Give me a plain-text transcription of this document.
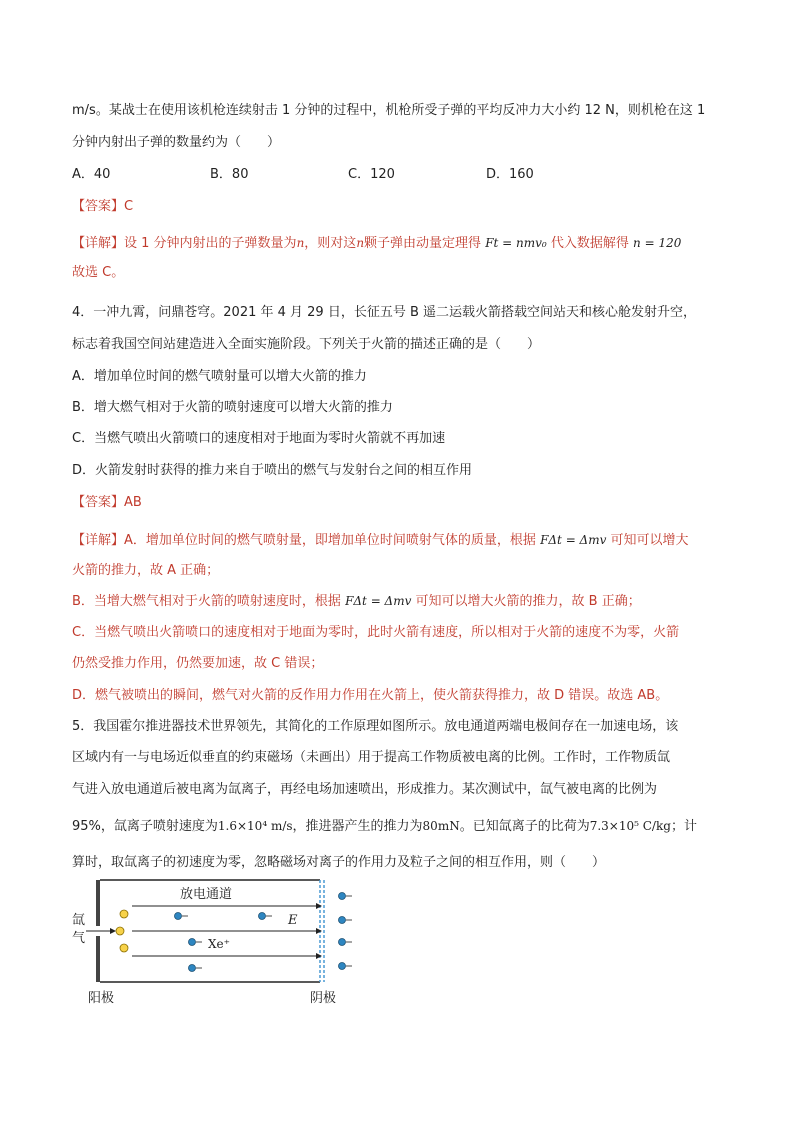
m/s。某战士在使用该机枪连续射击 1 分钟的过程中，机枪所受子弹的平均反冲力大小约 12 N，则机枪在这 1
分钟内射出子弹的数量约为（　　）
A．40	B．80	C．120	D．160
【答案】C
【详解】设 1 分钟内射出的子弹数量为n，则对这n颗子弹由动量定理得 Ft = nmv₀ 代入数据解得 n = 120
故选 C。
4．一冲九霄，问鼎苍穹。2021 年 4 月 29 日，长征五号 B 遥二运载火箭搭载空间站天和核心舱发射升空，
标志着我国空间站建造进入全面实施阶段。下列关于火箭的描述正确的是（　　）
A．增加单位时间的燃气喷射量可以增大火箭的推力
B．增大燃气相对于火箭的喷射速度可以增大火箭的推力
C．当燃气喷出火箭喷口的速度相对于地面为零时火箭就不再加速
D．火箭发射时获得的推力来自于喷出的燃气与发射台之间的相互作用
【答案】AB
【详解】A．增加单位时间的燃气喷射量，即增加单位时间喷射气体的质量，根据 FΔt = Δmv 可知可以增大
火箭的推力，故 A 正确；
B．当增大燃气相对于火箭的喷射速度时，根据 FΔt = Δmv 可知可以增大火箭的推力，故 B 正确；
C．当燃气喷出火箭喷口的速度相对于地面为零时，此时火箭有速度，所以相对于火箭的速度不为零，火箭
仍然受推力作用，仍然要加速，故 C 错误；
D．燃气被喷出的瞬间，燃气对火箭的反作用力作用在火箭上，使火箭获得推力，故 D 错误。故选 AB。
5．我国霍尔推进器技术世界领先，其简化的工作原理如图所示。放电通道两端电极间存在一加速电场，该
区域内有一与电场近似垂直的约束磁场（未画出）用于提高工作物质被电离的比例。工作时，工作物质氙
气进入放电通道后被电离为氙离子，再经电场加速喷出，形成推力。某次测试中，氙气被电离的比例为
95%，氙离子喷射速度为1.6×10⁴ m/s，推进器产生的推力为80mN。已知氙离子的比荷为7.3×10⁵ C/kg；计
算时，取氙离子的初速度为零，忽略磁场对离子的作用力及粒子之间的相互作用，则（　　）
氙
气
放电通道
E
Xe⁺
阳极	阴极
